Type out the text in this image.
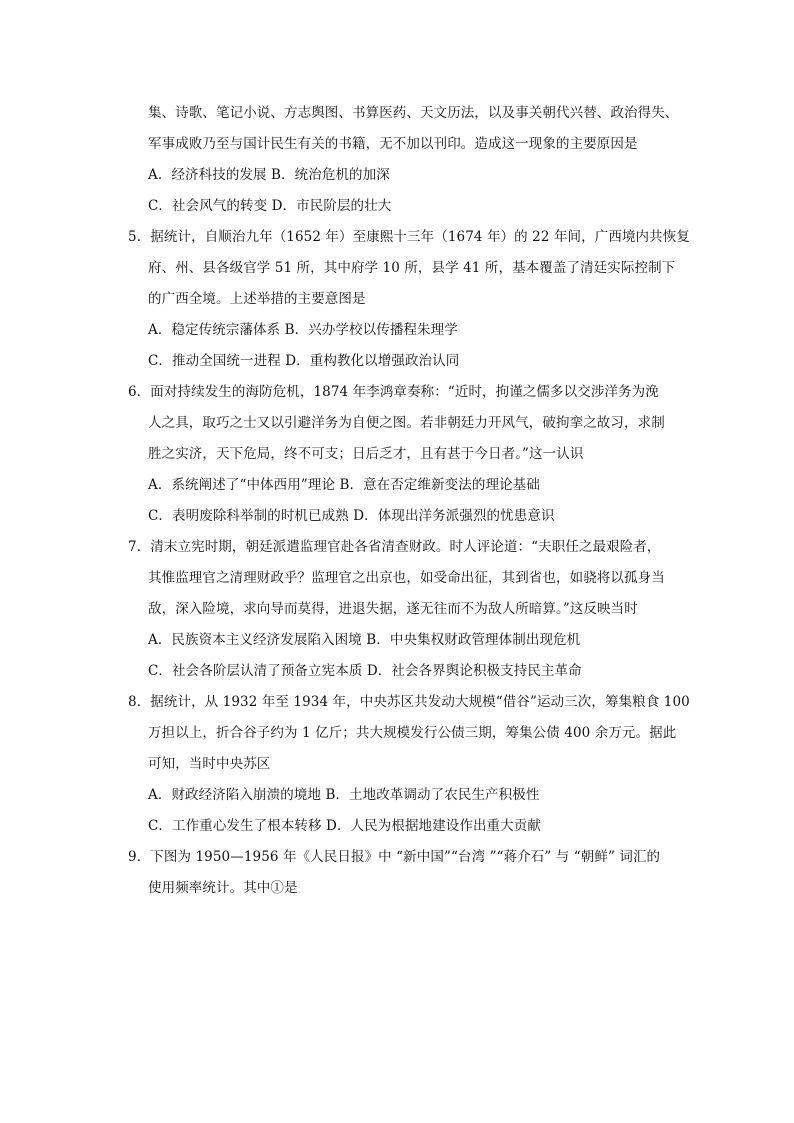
集、诗歌、笔记小说、方志舆图、书算医药、天文历法，以及事关朝代兴替、政治得失、
军事成败乃至与国计民生有关的书籍，无不加以刊印。造成这一现象的主要原因是
A．经济科技的发展 B．统治危机的加深
C．社会风气的转变 D．市民阶层的壮大
5．据统计，自顺治九年（1652 年）至康熙十三年（1674 年）的 22 年间，广西境内共恢复
府、州、县各级官学 51 所，其中府学 10 所，县学 41 所，基本覆盖了清廷实际控制下
的广西全境。上述举措的主要意图是
A．稳定传统宗藩体系 B．兴办学校以传播程朱理学
C．推动全国统一进程 D．重构教化以增强政治认同
6．面对持续发生的海防危机，1874 年李鸿章奏称：“近时，拘谨之儒多以交涉洋务为浼
人之具，取巧之士又以引避洋务为自便之图。若非朝廷力开风气，破拘挛之故习，求制
胜之实济，天下危局，终不可支；日后乏才，且有甚于今日者。”这一认识
A．系统阐述了“中体西用”理论 B．意在否定维新变法的理论基础
C．表明废除科举制的时机已成熟 D．体现出洋务派强烈的忧患意识
7．清末立宪时期，朝廷派遣监理官赴各省清查财政。时人评论道：“夫职任之最艰险者，
其惟监理官之清理财政乎？监理官之出京也，如受命出征，其到省也，如骁将以孤身当
敌，深入险境，求向导而莫得，进退失据，遂无往而不为敌人所暗算。”这反映当时
A．民族资本主义经济发展陷入困境 B．中央集权财政管理体制出现危机
C．社会各阶层认清了预备立宪本质 D．社会各界舆论积极支持民主革命
8．据统计，从 1932 年至 1934 年，中央苏区共发动大规模“借谷”运动三次，筹集粮食 100
万担以上，折合谷子约为 1 亿斤；共大规模发行公债三期，筹集公债 400 余万元。据此
可知，当时中央苏区
A．财政经济陷入崩溃的境地 B．土地改革调动了农民生产积极性
C．工作重心发生了根本转移 D．人民为根据地建设作出重大贡献
9．下图为 1950—1956 年《人民日报》中 “新中国”“台湾 ”“蒋介石” 与 “朝鲜” 词汇的
使用频率统计。其中①是
